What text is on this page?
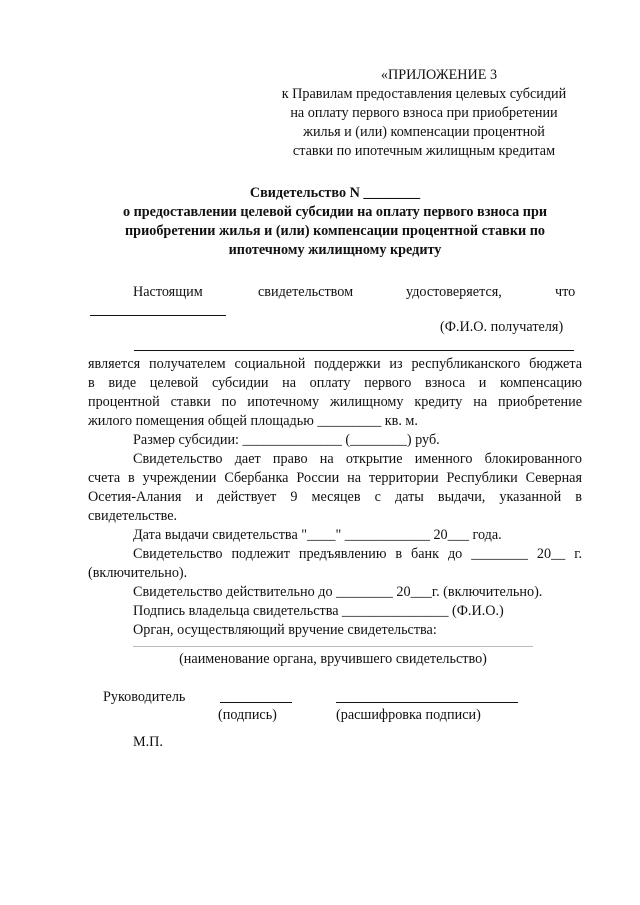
«ПРИЛОЖЕНИЕ 3
к Правилам предоставления целевых субсидий
на оплату первого взноса при приобретении
жилья и (или) компенсации процентной
ставки по ипотечным жилищным кредитам
Свидетельство N ________
о предоставлении целевой субсидии на оплату первого взноса при
приобретении жилья и (или) компенсации процентной ставки по
ипотечному жилищному кредиту
Настоящим	свидетельством	удостоверяется,	что
(Ф.И.О. получателя)
является получателем социальной поддержки из республиканского бюджета
в виде целевой субсидии на оплату первого взноса и компенсацию
процентной ставки по ипотечному жилищному кредиту на приобретение
жилого помещения общей площадью _________ кв. м.
Размер субсидии: ______________ (________) руб.
Свидетельство дает право на открытие именного блокированного
счета в учреждении Сбербанка России на территории Республики Северная
Осетия-Алания и действует 9 месяцев с даты выдачи, указанной в
свидетельстве.
Дата выдачи свидетельства "____" ____________ 20___ года.
Свидетельство подлежит предъявлению в банк до ________ 20__ г.
(включительно).
Свидетельство действительно до ________ 20___г. (включительно).
Подпись владельца свидетельства _______________ (Ф.И.О.)
Орган, осуществляющий вручение свидетельства:
(наименование органа, вручившего свидетельство)
Руководитель
(подпись)	(расшифровка подписи)
М.П.
